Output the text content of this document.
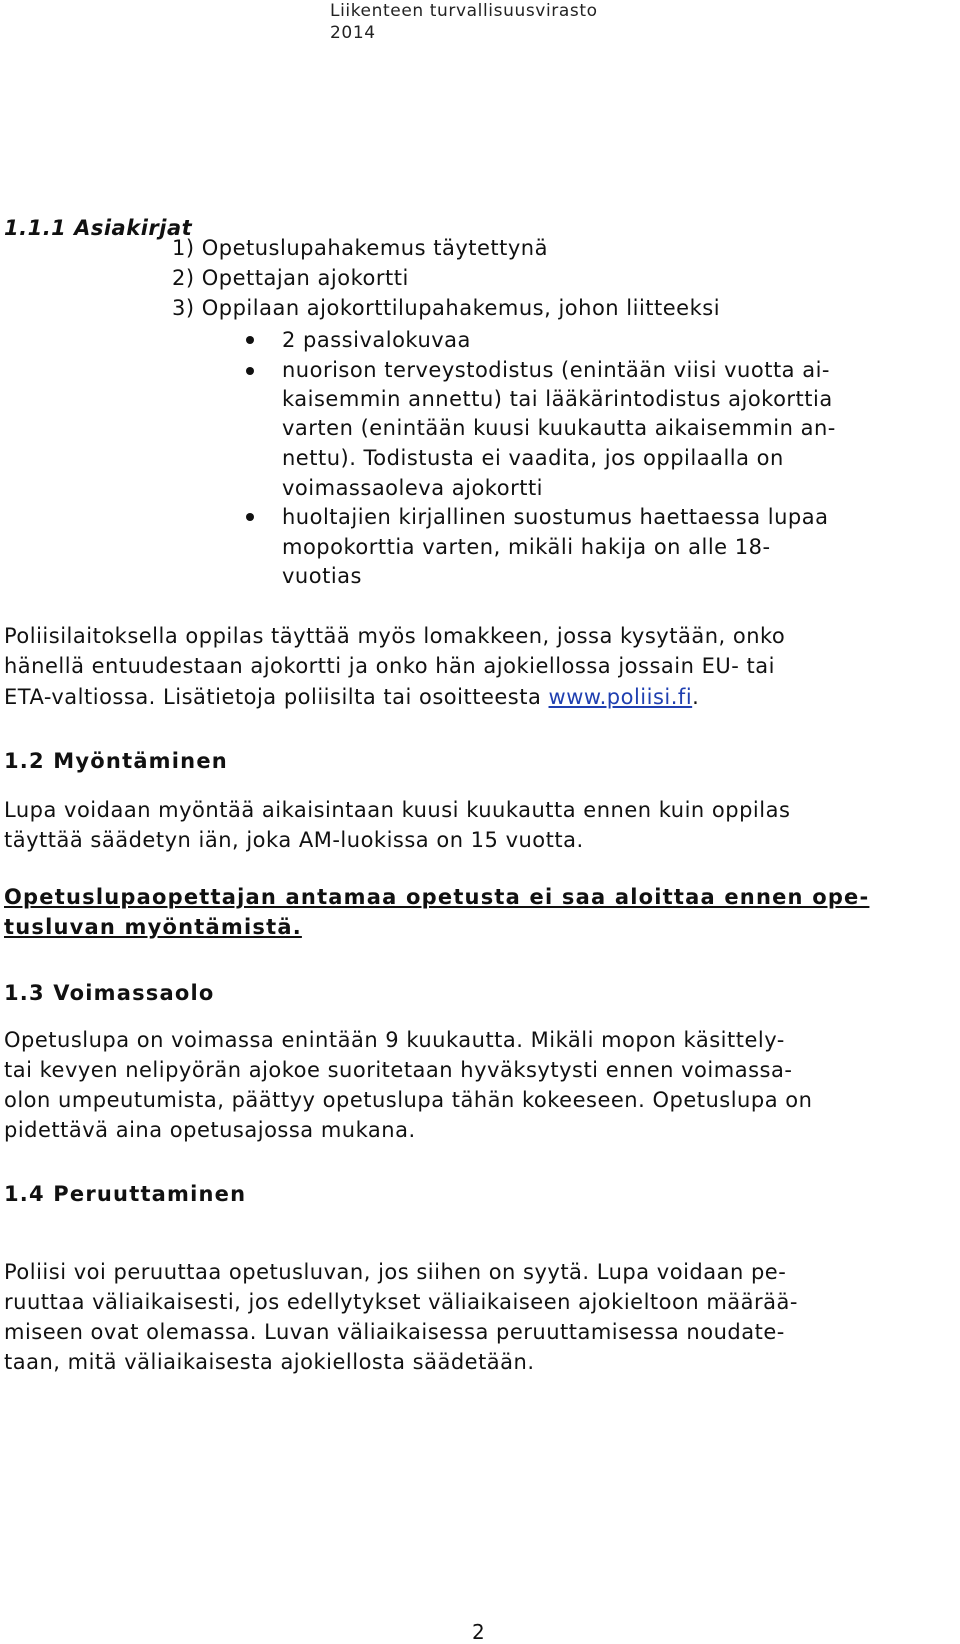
Liikenteen turvallisuusvirasto 2014
1.1.1 Asiakirjat
1) Opetuslupahakemus täytettynä
2) Opettajan ajokortti
3) Oppilaan ajokorttilupahakemus, johon liitteeksi
2 passivalokuvaa
nuorison terveystodistus (enintään viisi vuotta ai-
kaisemmin annettu) tai lääkärintodistus ajokorttia
varten (enintään kuusi kuukautta aikaisemmin an-
nettu). Todistusta ei vaadita, jos oppilaalla on
voimassaoleva ajokortti
huoltajien kirjallinen suostumus haettaessa lupaa
mopokorttia varten, mikäli hakija on alle 18-
vuotias
Poliisilaitoksella oppilas täyttää myös lomakkeen, jossa kysytään, onko
hänellä entuudestaan ajokortti ja onko hän ajokiellossa jossain EU- tai
ETA-valtiossa. Lisätietoja poliisilta tai osoitteesta www.poliisi.fi.
1.2 Myöntäminen
Lupa voidaan myöntää aikaisintaan kuusi kuukautta ennen kuin oppilas
täyttää säädetyn iän, joka AM-luokissa on 15 vuotta.
Opetuslupaopettajan antamaa opetusta ei saa aloittaa ennen ope-
tusluvan myöntämistä.
1.3 Voimassaolo
Opetuslupa on voimassa enintään 9 kuukautta. Mikäli mopon käsittely-
tai kevyen nelipyörän ajokoe suoritetaan hyväksytysti ennen voimassa-
olon umpeutumista, päättyy opetuslupa tähän kokeeseen. Opetuslupa on
pidettävä aina opetusajossa mukana.
1.4 Peruuttaminen
Poliisi voi peruuttaa opetusluvan, jos siihen on syytä. Lupa voidaan pe-
ruuttaa väliaikaisesti, jos edellytykset väliaikaiseen ajokieltoon määrää-
miseen ovat olemassa. Luvan väliaikaisessa peruuttamisessa noudate-
taan, mitä väliaikaisesta ajokiellosta säädetään.
2
